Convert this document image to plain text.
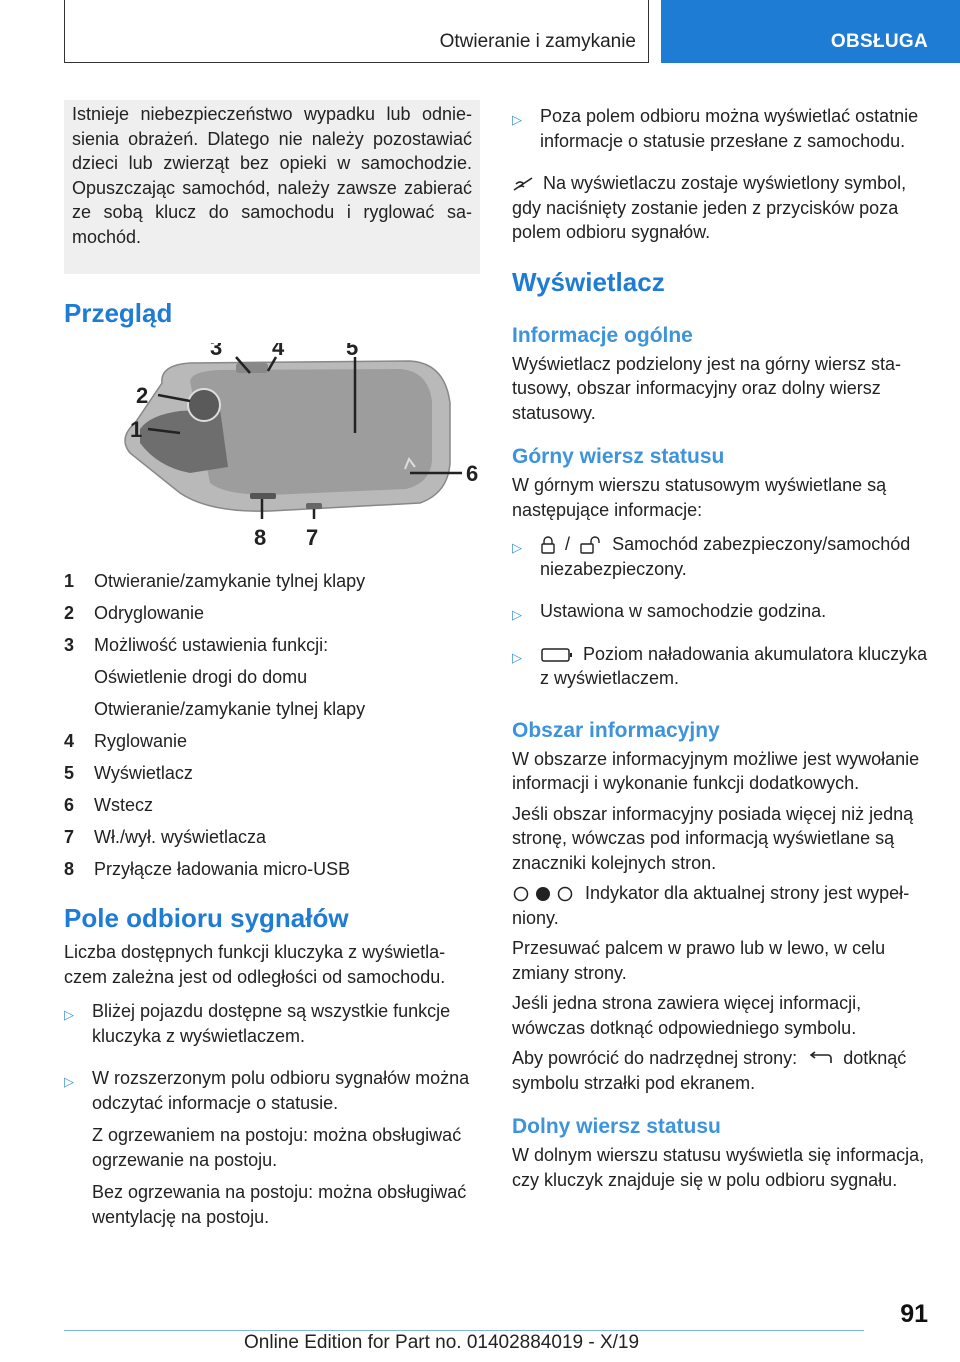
Otwieranie i zamykanie	OBSŁUGA

Istnieje niebezpieczeństwo wypadku lub odniesienia obrażeń. Dlatego nie należy pozostawiać dzieci lub zwierząt bez opieki w samochodzie. Opuszczając samochód, należy zawsze zabierać ze sobą klucz do samochodu i ryglować samochód.

Przegląd
3 4	5
2
1
6
8 7
1	Otwieranie/zamykanie tylnej klapy
2	Odryglowanie
3	Możliwość ustawienia funkcji:
Oświetlenie drogi do domu
Otwieranie/zamykanie tylnej klapy
4	Ryglowanie
5	Wyświetlacz
6	Wstecz
7	Wł./wył. wyświetlacza
8	Przyłącze ładowania micro-USB
Pole odbioru sygnałów

Liczba dostępnych funkcji kluczyka z wyświetlaczem zależna jest od odległości od samochodu.

▷	Bliżej pojazdu dostępne są wszystkie funkcje kluczyka z wyświetlaczem.

▷	W rozszerzonym polu odbioru sygnałów można odczytać informacje o statusie.

Z ogrzewaniem na postoju: można obsługiwać ogrzewanie na postoju.

Bez ogrzewania na postoju: można obsługiwać wentylację na postoju.

▷	Poza polem odbioru można wyświetlać ostatnie informacje o statusie przesłane z samochodu.

Na wyświetlaczu zostaje wyświetlony symbol, gdy naciśnięty zostanie jeden z przycisków poza polem odbioru sygnałów.

Wyświetlacz
Informacje ogólne

Wyświetlacz podzielony jest na górny wiersz statusowy, obszar informacyjny oraz dolny wiersz statusowy.

Górny wiersz statusu

W górnym wierszu statusowym wyświetlane są następujące informacje:

▷	/ Samochód zabezpieczony/samochód niezabezpieczony.

▷	Ustawiona w samochodzie godzina.

▷	Poziom naładowania akumulatora kluczyka z wyświetlaczem.

Obszar informacyjny

W obszarze informacyjnym możliwe jest wywołanie informacji i wykonanie funkcji dodatkowych.

Jeśli obszar informacyjny posiada więcej niż jedną stronę, wówczas pod informacją wyświetlane są znaczniki kolejnych stron.

Indykator dla aktualnej strony jest wypełniony.

Przesuwać palcem w prawo lub w lewo, w celu zmiany strony.

Jeśli jedna strona zawiera więcej informacji, wówczas dotknąć odpowiedniego symbolu.

Aby powrócić do nadrzędnej strony:	dotknąć symbolu strzałki pod ekranem.

Dolny wiersz statusu

W dolnym wierszu statusu wyświetla się informacja, czy kluczyk znajduje się w polu odbioru sygnału.

91
Online Edition for Part no. 01402884019 - X/19
